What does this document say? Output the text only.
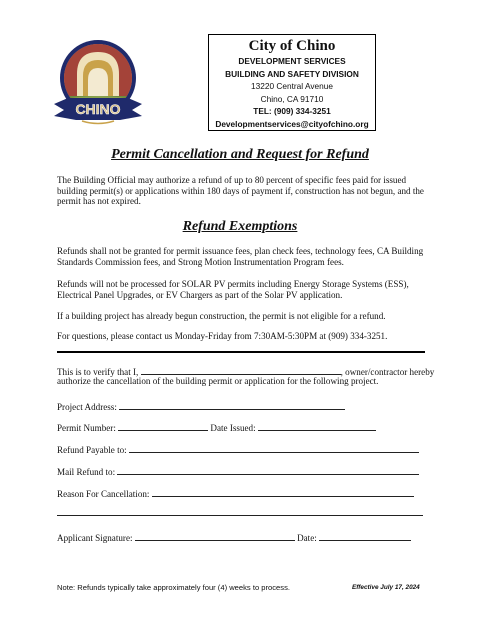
CHINO
City of Chino
DEVELOPMENT SERVICES
BUILDING AND SAFETY DIVISION
13220 Central Avenue
Chino, CA 91710
TEL: (909) 334-3251
Developmentservices@cityofchino.org
Permit Cancellation and Request for Refund
The Building Official may authorize a refund of up to 80 percent of specific fees paid for issued building permit(s) or applications within 180 days of payment if, construction has not begun, and the permit has not expired.
Refund Exemptions
Refunds shall not be granted for permit issuance fees, plan check fees, technology fees, CA Building Standards Commission fees, and Strong Motion Instrumentation Program fees.
Refunds will not be processed for SOLAR PV permits including Energy Storage Systems (ESS), Electrical Panel Upgrades, or EV Chargers as part of the Solar PV application.
If a building project has already begun construction, the permit is not eligible for a refund.
For questions, please contact us Monday-Friday from 7:30AM-5:30PM at (909) 334-3251.
This is to verify that I,	, owner/contractor hereby
authorize the cancellation of the building permit or application for the following project.
Project Address:
Permit Number:	Date Issued:
Refund Payable to:
Mail Refund to:
Reason For Cancellation:
Applicant Signature:	Date:
Note: Refunds typically take approximately four (4) weeks to process.	Effective July 17, 2024
